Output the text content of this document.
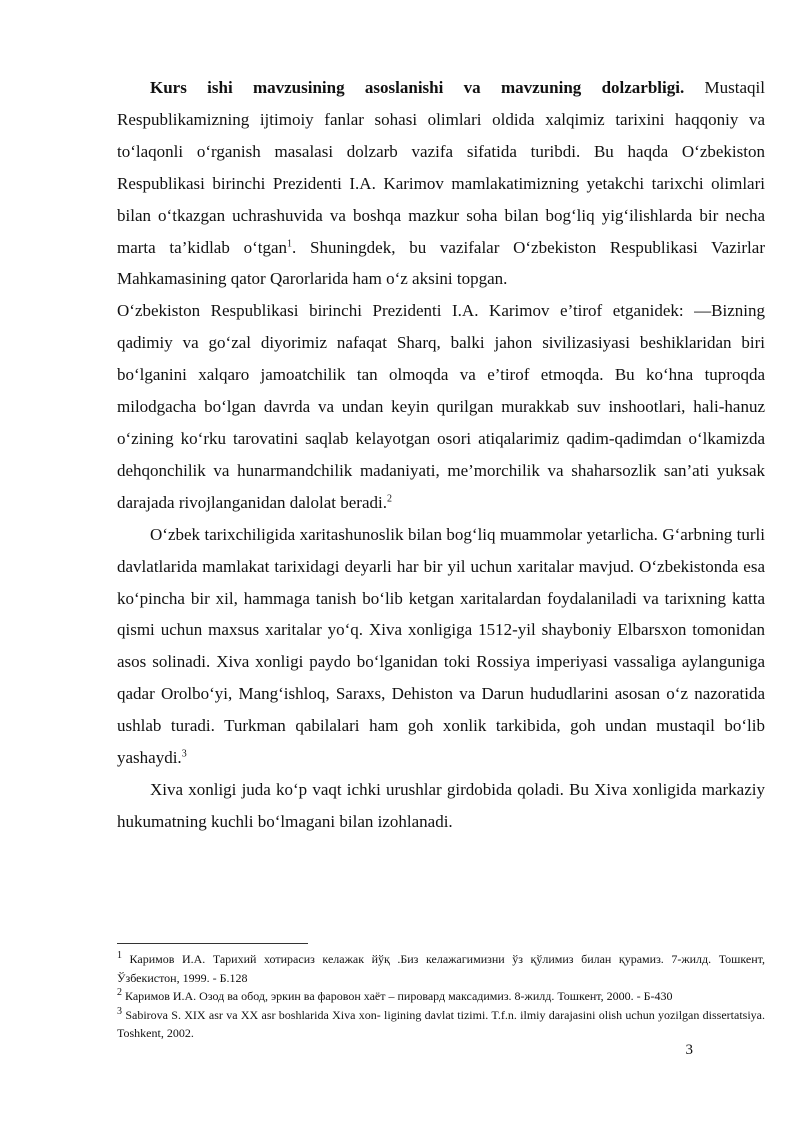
Kurs ishi mavzusining asoslanishi va mavzuning dolzarbligi. Mustaqil Respublikamizning ijtimoiy fanlar sohasi olimlari oldida xalqimiz tarixini haqqoniy va to‘laqonli o‘rganish masalasi dolzarb vazifa sifatida turibdi. Bu haqda O‘zbekiston Respublikasi birinchi Prezidenti I.A. Karimov mamlakatimizning yetakchi tarixchi olimlari bilan o‘tkazgan uchrashuvida va boshqa mazkur soha bilan bog‘liq yig‘ilishlarda bir necha marta ta’kidlab o‘tgan$^1$. Shuningdek, bu vazifalar O‘zbekiston Respublikasi Vazirlar Mahkamasining qator Qarorlarida ham o‘z aksini topgan.

O‘zbekiston Respublikasi birinchi Prezidenti I.A. Karimov e’tirof etganidek: ―Bizning qadimiy va go‘zal diyorimiz nafaqat Sharq, balki jahon sivilizasiyasi beshiklaridan biri bo‘lganini xalqaro jamoatchilik tan olmoqda va e’tirof etmoqda. Bu ko‘hna tuproqda milodgacha bo‘lgan davrda va undan keyin qurilgan murakkab suv inshootlari, hali-hanuz o‘zining ko‘rku tarovatini saqlab kelayotgan osori atiqalarimiz qadim-qadimdan o‘lkamizda dehqonchilik va hunarmandchilik madaniyati, me’morchilik va shaharsozlik san’ati yuksak darajada rivojlanganidan dalolat beradi.$^2$

O‘zbek tarixchiligida xaritashunoslik bilan bog‘liq muammolar yetarlicha. G‘arbning turli davlatlarida mamlakat tarixidagi deyarli har bir yil uchun xaritalar mavjud. O‘zbekistonda esa ko‘pincha bir xil, hammaga tanish bo‘lib ketgan xaritalardan foydalaniladi va tarixning katta qismi uchun maxsus xaritalar yo‘q. Xiva xonligiga 1512-yil shayboniy Elbarsxon tomonidan asos solinadi. Xiva xonligi paydo bo‘lganidan toki Rossiya imperiyasi vassaliga aylanguniga qadar Orolbo‘yi, Mang‘ishloq, Saraxs, Dehiston va Darun hududlarini asosan o‘z nazoratida ushlab turadi. Turkman qabilalari ham goh xonlik tarkibida, goh undan mustaqil bo‘lib yashaydi.$^3$

Xiva xonligi juda ko‘p vaqt ichki urushlar girdobida qoladi. Bu Xiva xonligida markaziy hukumatning kuchli bo‘lmagani bilan izohlanadi.

$^1$ Каримов И.А. Тарихий хотирасиз келажак йўқ .Биз келажагимизни ўз қўлимиз билан қурамиз. 7-жилд. Тошкент, Ўзбекистон, 1999. - Б.128

$^2$ Каримов И.А. Озод ва обод, эркин ва фаровон хаёт – пировард максадимиз. 8-жилд. Тошкент, 2000. - Б-430

$^3$ Sabirova S. XIX asr va XX asr boshlarida Xiva xon- ligining davlat tizimi. T.f.n. ilmiy darajasini olish uchun yozilgan dissertatsiya. Toshkent, 2002.

3
